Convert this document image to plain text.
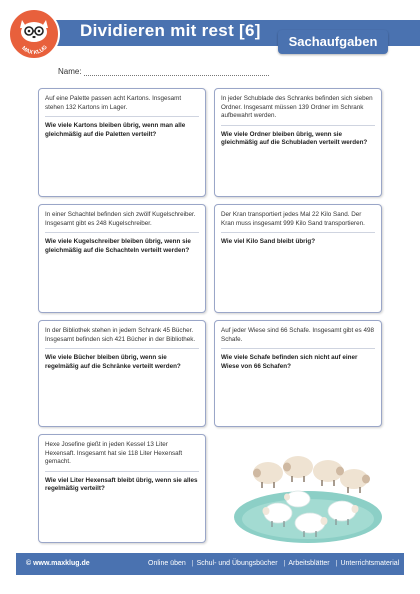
Dividieren mit rest [6]
MAX KLUG	Sachaufgaben
Name:
Auf eine Palette passen acht Kartons. Insgesamt stehen 132 Kartons im Lager.
Wie viele Kartons bleiben übrig, wenn man alle gleichmäßig auf die Paletten verteilt?
In jeder Schublade des Schranks befinden sich sieben Ordner. Insgesamt müssen 139 Ordner im Schrank aufbewahrt werden.
Wie viele Ordner bleiben übrig, wenn sie gleichmäßig auf die Schubladen verteilt werden?
In einer Schachtel befinden sich zwölf Kugelschreiber. Insgesamt gibt es 248 Kugelschreiber.
Wie viele Kugelschreiber bleiben übrig, wenn sie gleichmäßig auf die Schachteln verteilt werden?
Der Kran transportiert jedes Mal 22 Kilo Sand. Der Kran muss insgesamt 999 Kilo Sand transportieren.
Wie viel Kilo Sand bleibt übrig?
In der Bibliothek stehen in jedem Schrank 45 Bücher. Insgesamt befinden sich 421 Bücher in der Bibliothek.
Wie viele Bücher bleiben übrig, wenn sie regelmäßig auf die Schränke verteilt werden?
Auf jeder Wiese sind 66 Schafe. Insgesamt gibt es 498 Schafe.
Wie viele Schafe befinden sich nicht auf einer Wiese von 66 Schafen?
Hexe Josefine gießt in jeden Kessel 13 Liter Hexensaft. Insgesamt hat sie 118 Liter Hexensaft gemacht.
Wie viel Liter Hexensaft bleibt übrig, wenn sie alles regelmäßig verteilt?
© www.maxklug.de	Online üben | Schul- und Übungsbücher | Arbeitsblätter | Unterrichtsmaterial
